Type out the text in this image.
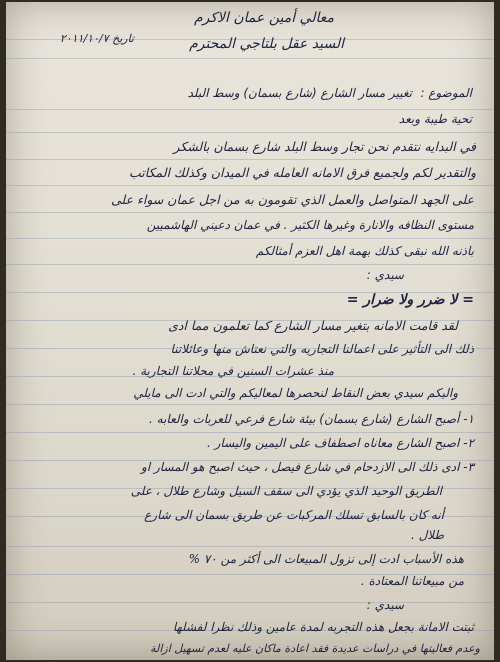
معالي أمين عمان الاكرم
تاريخ ٢٠١١/١٠/٧	السيد عقل بلتاجي المحترم
الموضوع :
تغيير مسار الشارع (شارع بسمان) وسط البلد
تحية طيبة وبعد
في البدايه نتقدم نحن تجار وسط البلد شارع بسمان بالشكر
والتقدير لكم ولجميع فرق الامانه العامله في الميدان وكذلك المكاتب
على الجهد المتواصل والعمل الذي تقومون به من اجل عمان سواء على
مستوى النظافه والانارة وغيرها الكثير . في عمان دعيني الهاشميين
باذنه الله نبقى كذلك بهمة اهل العزم أمثالكم
سيدي :
= لا ضرر ولا ضرار =
لقد قامت الامانه بتغير مسار الشارع كما تعلمون مما ادى
ذلك الى التأثير على اعمالنا التجاريه والتي نعتاش منها وعائلاتنا
منذ عشرات السنين في محلاتنا التجارية .
واليكم سيدي بعض النقاط لنحصرها لمعاليكم والتي ادت الى مايلي
١- أصبح الشارع (شارع بسمان) بيئة شارع فرعي للعربات والعابه .
٢- اصبح الشارع معاناه اصطفاف على اليمين واليسار .
٣- ادى ذلك الى الازدحام في شارع فيصل ، حيث اصبح هو المسار او
الطريق الوحيد الذي يؤدي الى سقف السيل وشارع طلال ، على
أنه كان بالسابق تسلك المركبات عن طريق بسمان الى شارع
طلال .
هذه الأسباب ادت إلى نزول المبيعات الى أكثر من ٧٠ %
من مبيعاتنا المعتادة .
سيدي :
ثبتت الامانة بجعل هذه التجربه لمدة عامين وذلك نظرا لفشلها
وعدم فعاليتها في دراسات عديدة فقد اعادة ماكان عليه لعدم تسهيل ازالة
